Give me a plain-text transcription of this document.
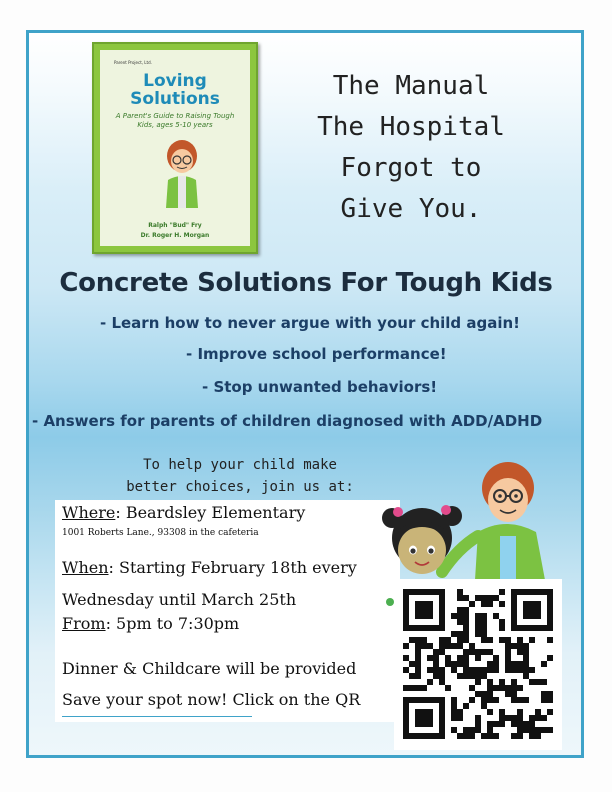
Parent Project, Ltd.
Loving
Solutions
A Parent's Guide to Raising Tough Kids, ages 5-10 years
Ralph "Bud" Fry
Dr. Roger H. Morgan
The Manual
The Hospital
Forgot to
Give You.
Concrete Solutions For Tough Kids
- Learn how to never argue with your child again!
- Improve school performance!
- Stop unwanted behaviors!
- Answers for parents of children diagnosed with ADD/ADHD
To help your child make
better choices, join us at:
Where: Beardsley Elementary
1001 Roberts Lane., 93308 in the cafeteria
When: Starting February 18th every
Wednesday until March 25th
From: 5pm to 7:30pm
Dinner & Childcare will be provided
Save your spot now! Click on the QR
